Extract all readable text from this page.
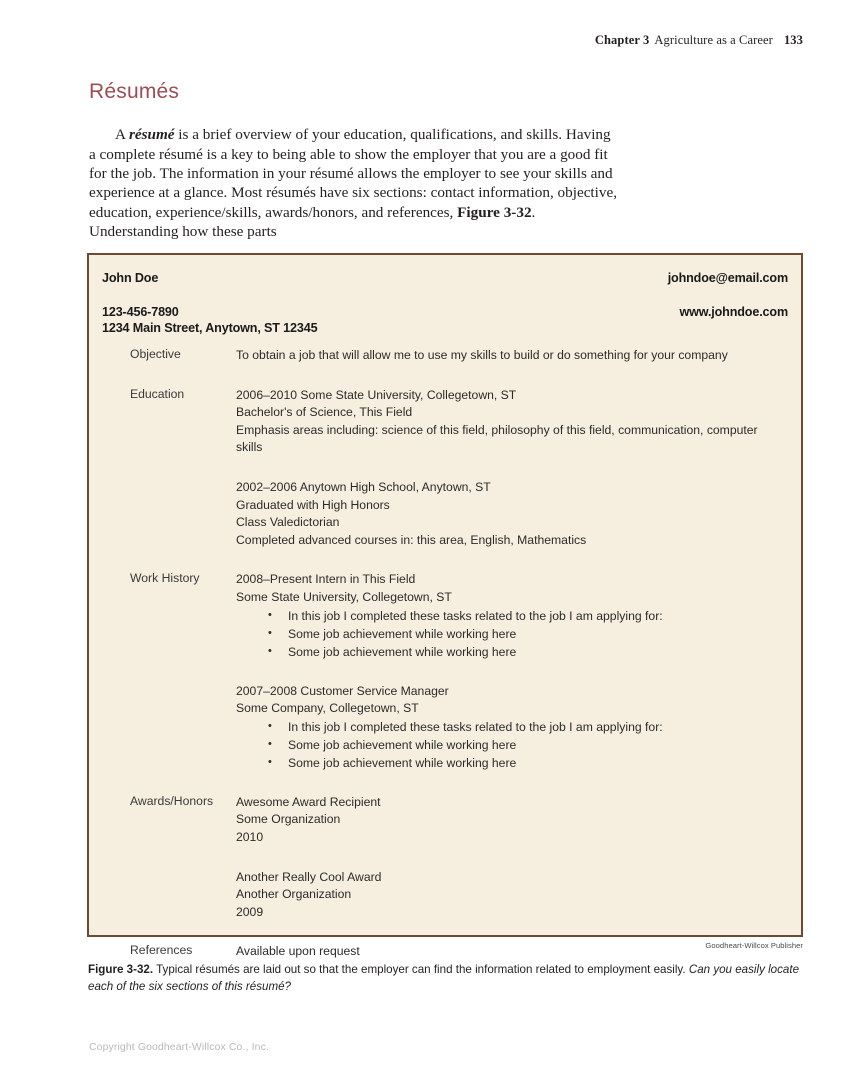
Chapter 3 Agriculture as a Career 133
Résumés

A résumé is a brief overview of your education, qualifications, and skills. Having a complete résumé is a key to being able to show the employer that you are a good fit for the job. The information in your résumé allows the employer to see your skills and experience at a glance. Most résumés have six sections: contact information, objective, education, experience/skills, awards/honors, and references, Figure 3-32. Understanding how these parts

John Doe	johndoe@email.com
123-456-7890	www.johndoe.com
1234 Main Street, Anytown, ST 12345
Objective	To obtain a job that will allow me to use my skills to build or do something for your company
Education	2006–2010 Some State University, Collegetown, ST
Bachelor's of Science, This Field
Emphasis areas including: science of this field, philosophy of this field, communication, computer skills
2002–2006 Anytown High School, Anytown, ST
Graduated with High Honors
Class Valedictorian
Completed advanced courses in: this area, English, Mathematics
Work History	2008–Present Intern in This Field
Some State University, Collegetown, ST
• In this job I completed these tasks related to the job I am applying for:
• Some job achievement while working here
• Some job achievement while working here
2007–2008 Customer Service Manager
Some Company, Collegetown, ST
• In this job I completed these tasks related to the job I am applying for:
• Some job achievement while working here
• Some job achievement while working here
Awards/Honors	Awesome Award Recipient
Some Organization
2010
Another Really Cool Award
Another Organization
2009
References	Available upon request	Goodheart-Willcox Publisher
Figure 3-32. Typical résumés are laid out so that the employer can find the information related to employment easily. Can you easily locate each of the six sections of this résumé?
Copyright Goodheart-Willcox Co., Inc.
